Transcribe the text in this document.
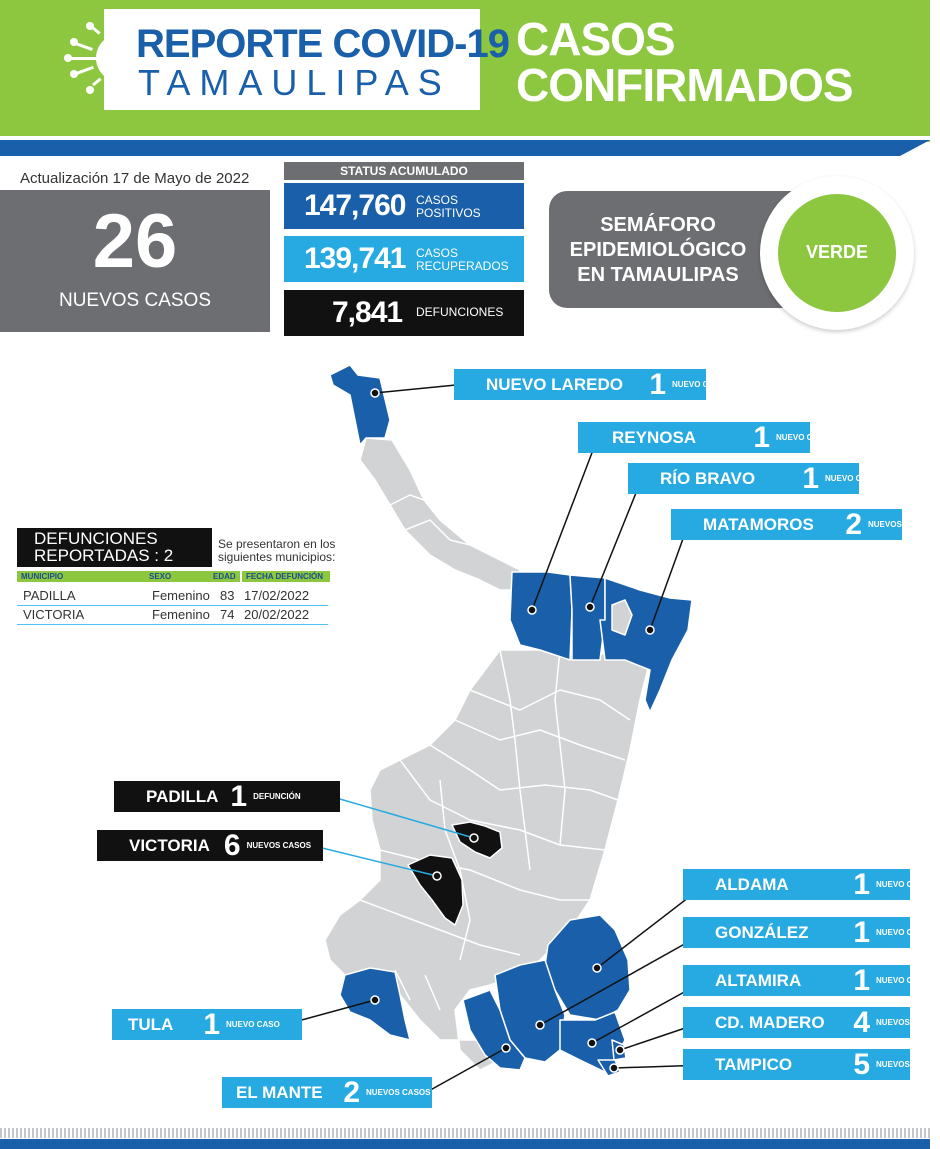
REPORTE COVID-19
TAMAULIPAS
CASOS
CONFIRMADOS
Actualización 17 de Mayo de 2022
26
NUEVOS CASOS
STATUS ACUMULADO
147,760 CASOS
POSITIVOS
139,741 CASOS
RECUPERADOS
7,841 DEFUNCIONES
SEMÁFORO
EPIDEMIOLÓGICO
EN TAMAULIPAS
VERDE
DEFUNCIONES
REPORTADAS : 2
Se presentaron en los
siguientes municipios:
MUNICIPIO	SEXO	EDAD	FECHA DEFUNCIÓN
PADILLA	Femenino 83 17/02/2022
VICTORIA	Femenino 74 20/02/2022
NUEVO LAREDO 1 NUEVO CASO
REYNOSA 1 NUEVO CASO
RÍO BRAVO 1 NUEVO CASO
MATAMOROS 2 NUEVOS CASOS
PADILLA 1 DEFUNCIÓN
VICTORIA 6 NUEVOS CASOS
ALDAMA 1 NUEVO CASO
GONZÁLEZ 1 NUEVO CASO
ALTAMIRA 1 NUEVO CASO
CD. MADERO 4 NUEVOS CASOS
TAMPICO 5 NUEVOS CASOS
TULA 1 NUEVO CASO
EL MANTE 2 NUEVOS CASOS
